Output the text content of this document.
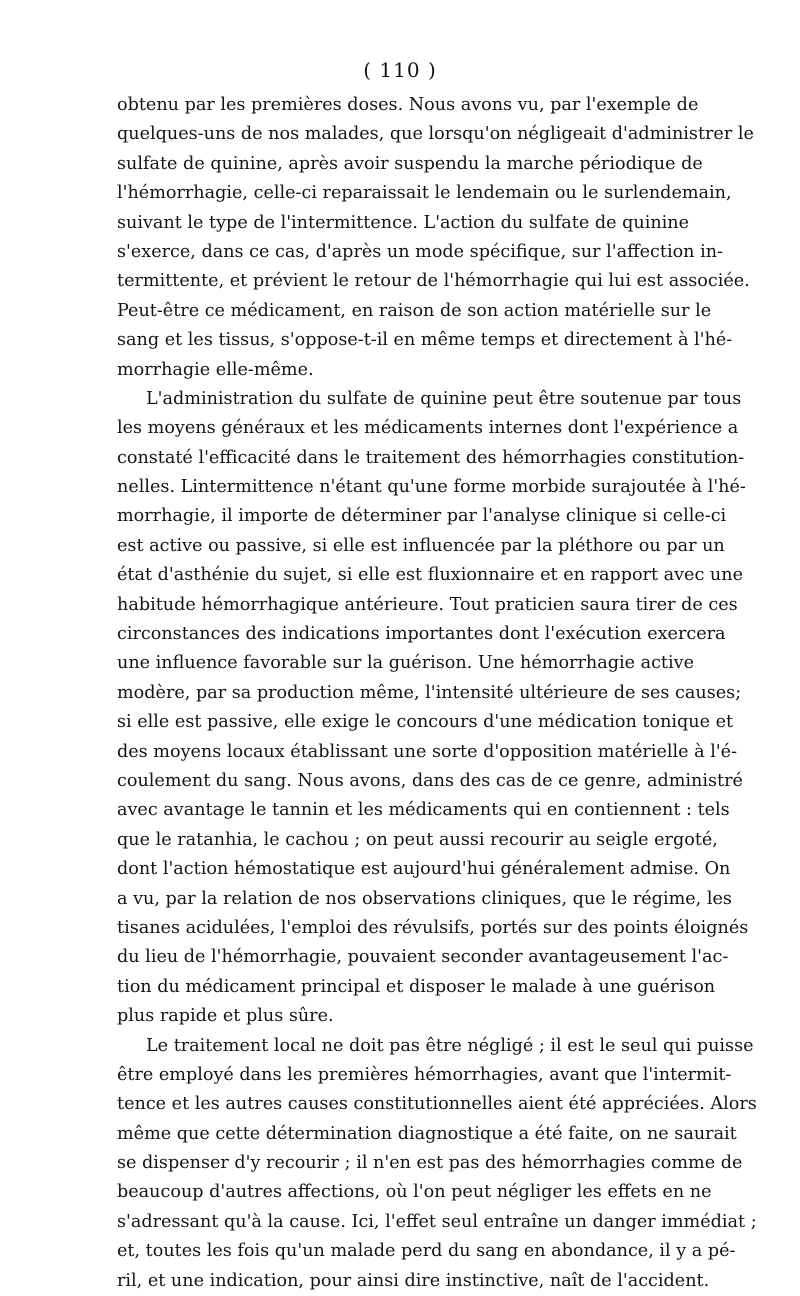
( 110 )
obtenu par les premières doses. Nous avons vu, par l'exemple de
quelques-uns de nos malades, que lorsqu'on négligeait d'administrer le
sulfate de quinine, après avoir suspendu la marche périodique de
l'hémorrhagie, celle-ci reparaissait le lendemain ou le surlendemain,
suivant le type de l'intermittence. L'action du sulfate de quinine
s'exerce, dans ce cas, d'après un mode spécifique, sur l'affection in-
termittente, et prévient le retour de l'hémorrhagie qui lui est associée.
Peut-être ce médicament, en raison de son action matérielle sur le
sang et les tissus, s'oppose-t-il en même temps et directement à l'hé-
morrhagie elle-même.
L'administration du sulfate de quinine peut être soutenue par tous
les moyens généraux et les médicaments internes dont l'expérience a
constaté l'efficacité dans le traitement des hémorrhagies constitution-
nelles. Lintermittence n'étant qu'une forme morbide surajoutée à l'hé-
morrhagie, il importe de déterminer par l'analyse clinique si celle-ci
est active ou passive, si elle est influencée par la pléthore ou par un
état d'asthénie du sujet, si elle est fluxionnaire et en rapport avec une
habitude hémorrhagique antérieure. Tout praticien saura tirer de ces
circonstances des indications importantes dont l'exécution exercera
une influence favorable sur la guérison. Une hémorrhagie active
modère, par sa production même, l'intensité ultérieure de ses causes;
si elle est passive, elle exige le concours d'une médication tonique et
des moyens locaux établissant une sorte d'opposition matérielle à l'é-
coulement du sang. Nous avons, dans des cas de ce genre, administré
avec avantage le tannin et les médicaments qui en contiennent : tels
que le ratanhia, le cachou ; on peut aussi recourir au seigle ergoté,
dont l'action hémostatique est aujourd'hui généralement admise. On
a vu, par la relation de nos observations cliniques, que le régime, les
tisanes acidulées, l'emploi des révulsifs, portés sur des points éloignés
du lieu de l'hémorrhagie, pouvaient seconder avantageusement l'ac-
tion du médicament principal et disposer le malade à une guérison
plus rapide et plus sûre.
Le traitement local ne doit pas être négligé ; il est le seul qui puisse
être employé dans les premières hémorrhagies, avant que l'intermit-
tence et les autres causes constitutionnelles aient été appréciées. Alors
même que cette détermination diagnostique a été faite, on ne saurait
se dispenser d'y recourir ; il n'en est pas des hémorrhagies comme de
beaucoup d'autres affections, où l'on peut négliger les effets en ne
s'adressant qu'à la cause. Ici, l'effet seul entraîne un danger immédiat ;
et, toutes les fois qu'un malade perd du sang en abondance, il y a pé-
ril, et une indication, pour ainsi dire instinctive, naît de l'accident.
